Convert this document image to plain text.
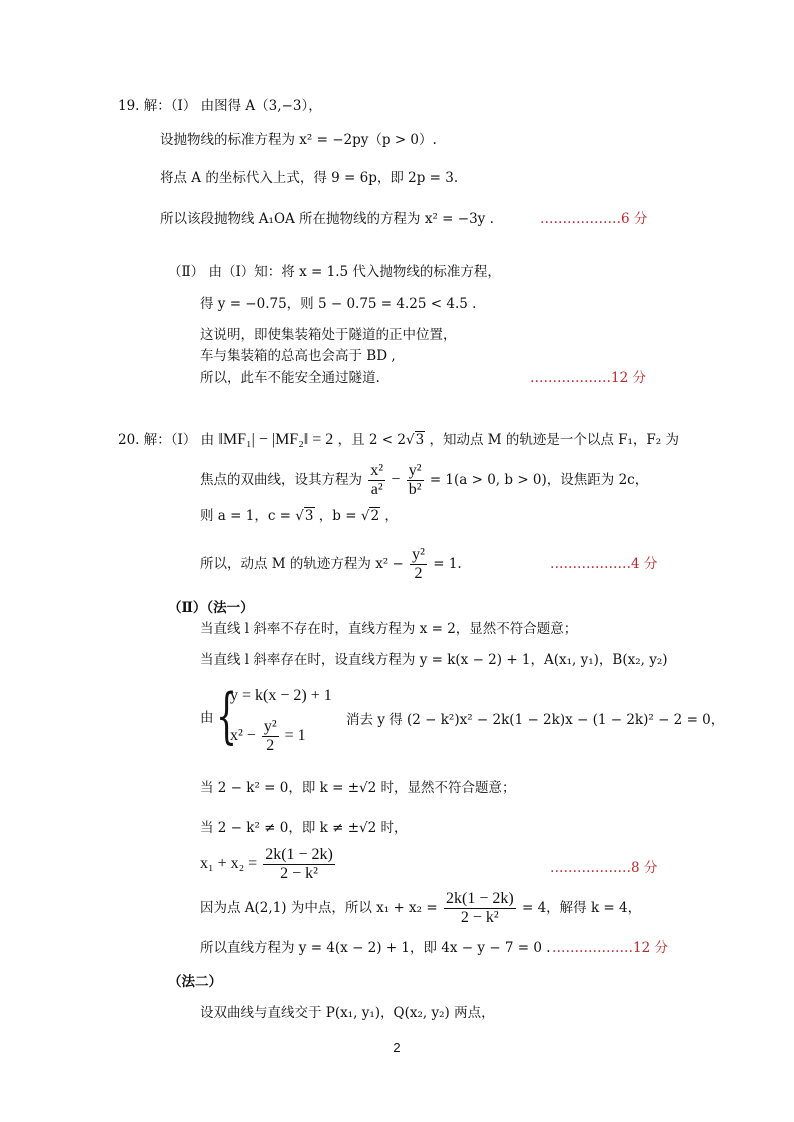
19. 解：（Ⅰ） 由图得 A（3,−3），
设抛物线的标准方程为 x² = −2py（p > 0）.
将点 A 的坐标代入上式，得 9 = 6p，即 2p = 3.
所以该段抛物线 A₁OA 所在抛物线的方程为 x² = −3y .	………………6 分
（Ⅱ） 由（Ⅰ）知：将 x = 1.5 代入抛物线的标准方程，
得 y = −0.75，则 5 − 0.75 = 4.25 < 4.5 .
这说明，即使集装箱处于隧道的正中位置，
车与集装箱的总高也会高于 BD ,
所以，此车不能安全通过隧道.	………………12 分
20. 解：（Ⅰ） 由 ‖MF₁| − |MF₂‖ = 2 ，且 2 < 2√3 ，知动点 M 的轨迹是一个以点 F₁，F₂ 为
焦点的双曲线，设其方程为 $\frac{\text{x²}}{\text{a²}} - \frac{\text{y²}}{\text{b²}} = 1(a > 0$, b > 0)，设焦距为 2c，
则 a = 1，c = √3 ，b = √2 ，
所以，动点 M 的轨迹方程为 $x^2 - \frac{\text{y²}}{2} = 1$.	………………4 分
（Ⅱ）（法一）
当直线 l 斜率不存在时，直线方程为 x = 2，显然不符合题意；
当直线 l 斜率存在时，设直线方程为 y = k(x − 2) + 1，A(x₁, y₁)，B(x₂, y₂)
由 {
y = k(x − 2) + 1
$x^2 - \frac{\text{y²}}{2} = 1$
消去 y 得 (2 − k²)x² − 2k(1 − 2k)x − (1 − 2k)² − 2 = 0，
当 2 − k² = 0，即 k = ±√2 时，显然不符合题意；
当 2 − k² ≠ 0，即 k ≠ ±√2 时，
$x_1 + x_2 = \frac{2k(1 - 2k)}{\text{2 − k²}}$	………………8 分
因为点 A(2,1) 为中点，所以 $x_1 + x_2 = \frac{2k(1 - 2k)}{\text{2 − k²}} = 4$，解得 k = 4，
所以直线方程为 y = 4(x − 2) + 1，即 4x − y − 7 = 0 . ………………12 分
（法二）
设双曲线与直线交于 P(x₁, y₁)，Q(x₂, y₂) 两点，
2
